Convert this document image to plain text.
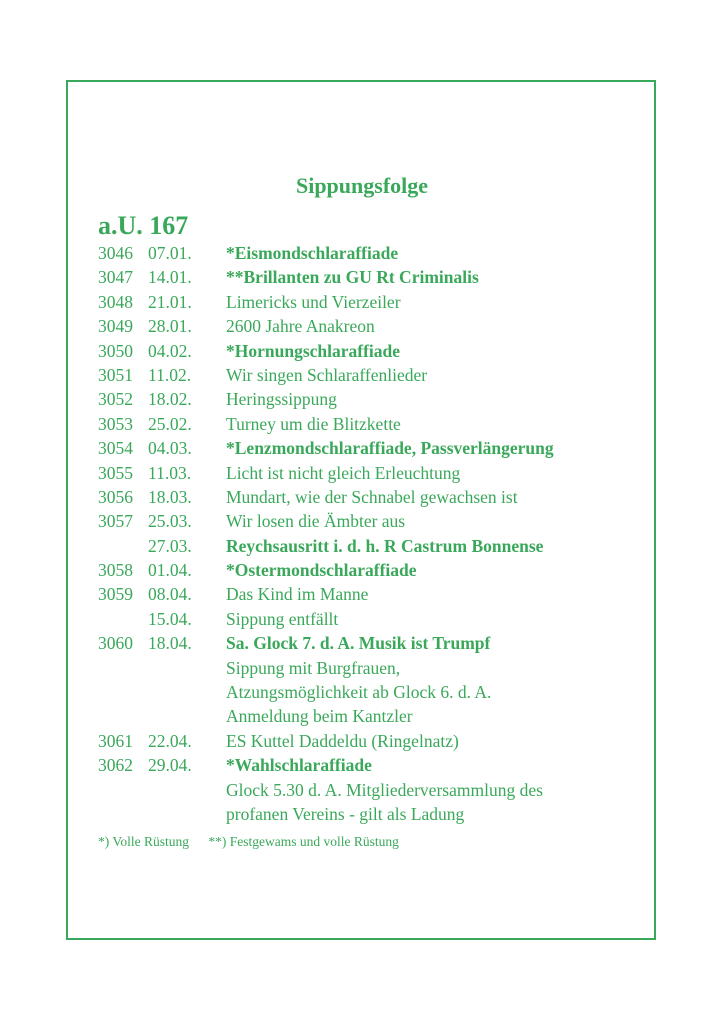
Sippungsfolge
a.U. 167
3046 07.01.	*Eismondschlaraffiade
3047 14.01.	**Brillanten zu GU Rt Criminalis
3048 21.01.	Limericks und Vierzeiler
3049 28.01.	2600 Jahre Anakreon
3050 04.02.	*Hornungschlaraffiade
3051 11.02.	Wir singen Schlaraffenlieder
3052 18.02.	Heringssippung
3053 25.02.	Turney um die Blitzkette
3054 04.03.	*Lenzmondschlaraffiade, Passverlängerung
3055 11.03.	Licht ist nicht gleich Erleuchtung
3056 18.03.	Mundart, wie der Schnabel gewachsen ist
3057 25.03.	Wir losen die Ämbter aus
27.03.	Reychsausritt i. d. h. R Castrum Bonnense
3058 01.04.	*Ostermondschlaraffiade
3059 08.04.	Das Kind im Manne
15.04.	Sippung entfällt
3060 18.04.	Sa. Glock 7. d. A. Musik ist Trumpf
Sippung mit Burgfrauen,
Atzungsmöglichkeit ab Glock 6. d. A.
Anmeldung beim Kantzler
3061 22.04.	ES Kuttel Daddeldu (Ringelnatz)
3062 29.04.	*Wahlschlaraffiade
Glock 5.30 d. A. Mitgliederversammlung des
profanen Vereins - gilt als Ladung
*) Volle Rüstung **) Festgewams und volle Rüstung
